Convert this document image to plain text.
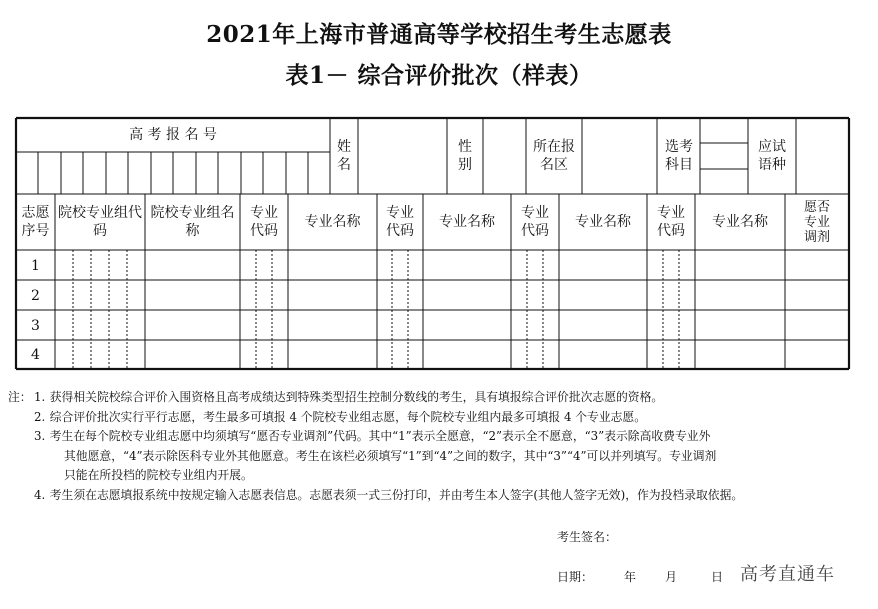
2021年上海市普通高等学校招生考生志愿表
表1－ 综合评价批次（样表）
高 考 报 名 号
姓名
性别
所在报名区
选考科目
应试语种
志愿序号
院校专业组代码
院校专业组名称
专业代码
专业名称
专业代码
专业名称
专业代码
专业名称
专业代码
专业名称
愿否专业调剂
1
2
3
4
注： 1. 获得相关院校综合评价入围资格且高考成绩达到特殊类型招生控制分数线的考生，具有填报综合评价批次志愿的资格。
2. 综合评价批次实行平行志愿，考生最多可填报 4 个院校专业组志愿，每个院校专业组内最多可填报 4 个专业志愿。
3. 考生在每个院校专业组志愿中均须填写“愿否专业调剂”代码。其中“1”表示全愿意，“2”表示全不愿意，“3”表示除高收费专业外
其他愿意，“4”表示除医科专业外其他愿意。考生在该栏必须填写“1”到“4”之间的数字，其中“3”“4”可以并列填写。专业调剂
只能在所投档的院校专业组内开展。
4. 考生须在志愿填报系统中按规定输入志愿表信息。志愿表须一式三份打印，并由考生本人签字(其他人签字无效)，作为投档录取依据。
考生签名：
日期：	年 月	日 高考直通车
